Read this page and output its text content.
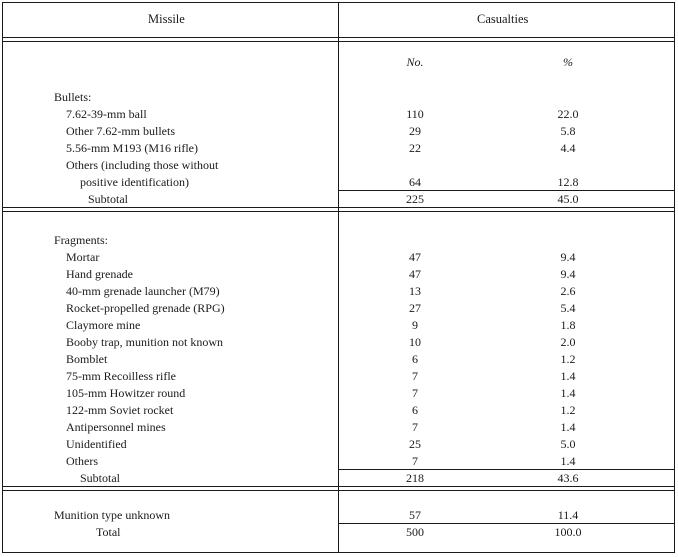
Missile	Casualties
No.	%
Bullets:
7.62-39-mm ball	110	22.0
Other 7.62-mm bullets	29	5.8
5.56-mm M193 (M16 rifle)	22	4.4
Others (including those without
positive identification)	64	12.8
Subtotal	225	45.0
Fragments:
Mortar	47	9.4
Hand grenade	47	9.4
40-mm grenade launcher (M79)	13	2.6
Rocket-propelled grenade (RPG)	27	5.4
Claymore mine	9	1.8
Booby trap, munition not known	10	2.0
Bomblet	6	1.2
75-mm Recoilless rifle	7	1.4
105-mm Howitzer round	7	1.4
122-mm Soviet rocket	6	1.2
Antipersonnel mines	7	1.4
Unidentified	25	5.0
Others	7	1.4
Subtotal	218	43.6
Munition type unknown	57	11.4
Total	500	100.0
